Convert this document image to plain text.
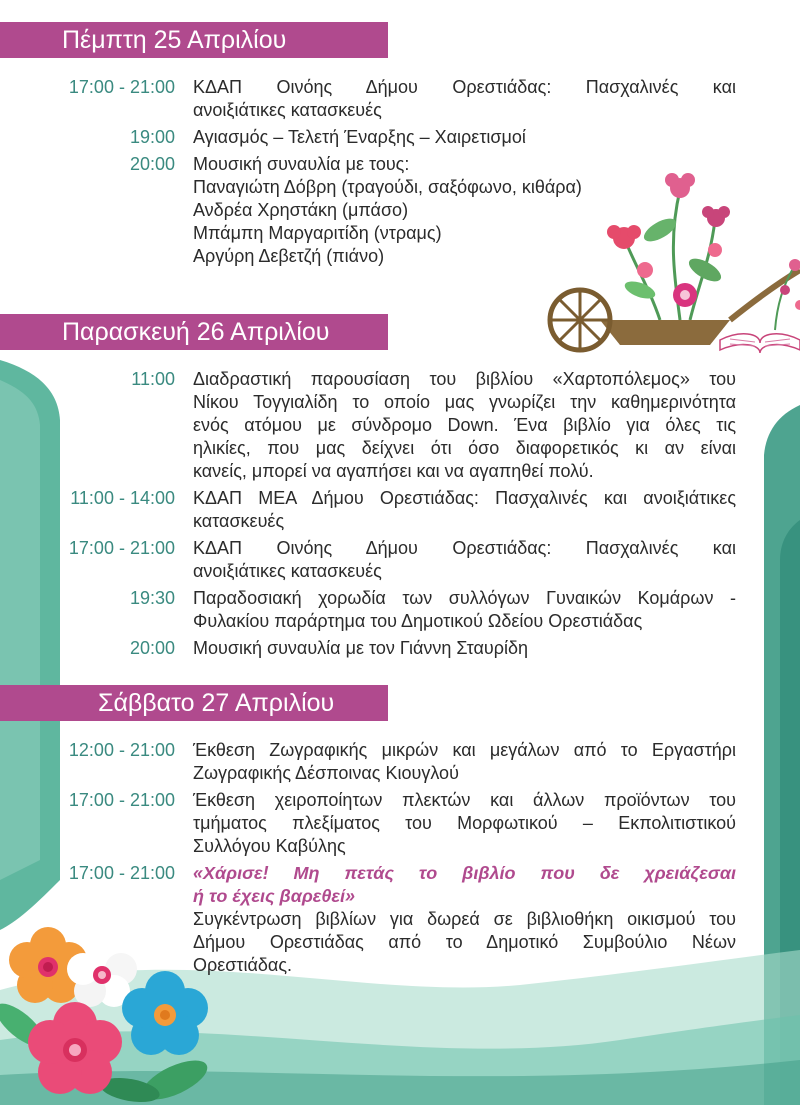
Πέμπτη 25 Απριλίου
17:00 - 21:00 ΚΔΑΠ Οινόης Δήμου Ορεστιάδας: Πασχαλινές και
ανοιξιάτικες κατασκευές
19:00 Αγιασμός – Τελετή Έναρξης – Χαιρετισμοί
20:00 Μουσική συναυλία με τους:
Παναγιώτη Δόβρη (τραγούδι, σαξόφωνο, κιθάρα)
Ανδρέα Χρηστάκη (μπάσο)
Μπάμπη Μαργαριτίδη (ντραμς)
Αργύρη Δεβετζή (πιάνο)
Παρασκευή 26 Απριλίου
11:00 Διαδραστική παρουσίαση του βιβλίου «Χαρτοπόλεμος» του
Νίκου Τογγιαλίδη το οποίο μας γνωρίζει την καθημερινότητα
ενός ατόμου με σύνδρομο Down. Ένα βιβλίο για όλες τις
ηλικίες, που μας δείχνει ότι όσο διαφορετικός κι αν είναι
κανείς, μπορεί να αγαπήσει και να αγαπηθεί πολύ.
11:00 - 14:00 ΚΔΑΠ ΜΕΑ Δήμου Ορεστιάδας: Πασχαλινές και ανοιξιάτικες
κατασκευές
17:00 - 21:00 ΚΔΑΠ Οινόης Δήμου Ορεστιάδας: Πασχαλινές και
ανοιξιάτικες κατασκευές
19:30 Παραδοσιακή χορωδία των συλλόγων Γυναικών Κομάρων -
Φυλακίου παράρτημα του Δημοτικού Ωδείου Ορεστιάδας
20:00 Μουσική συναυλία με τον Γιάννη Σταυρίδη
Σάββατο 27 Απριλίου
12:00 - 21:00 Έκθεση Ζωγραφικής μικρών και μεγάλων από το Εργαστήρι
Ζωγραφικής Δέσποινας Κιουγλού
17:00 - 21:00 Έκθεση χειροποίητων πλεκτών και άλλων προϊόντων του
τμήματος πλεξίματος του Μορφωτικού – Εκπολιτιστικού
Συλλόγου Καβύλης
17:00 - 21:00 «Χάρισε! Μη πετάς το βιβλίο που δε χρειάζεσαι
ή το έχεις βαρεθεί»
Συγκέντρωση βιβλίων για δωρεά σε βιβλιοθήκη οικισμού του
Δήμου Ορεστιάδας από το Δημοτικό Συμβούλιο Νέων
Ορεστιάδας.
